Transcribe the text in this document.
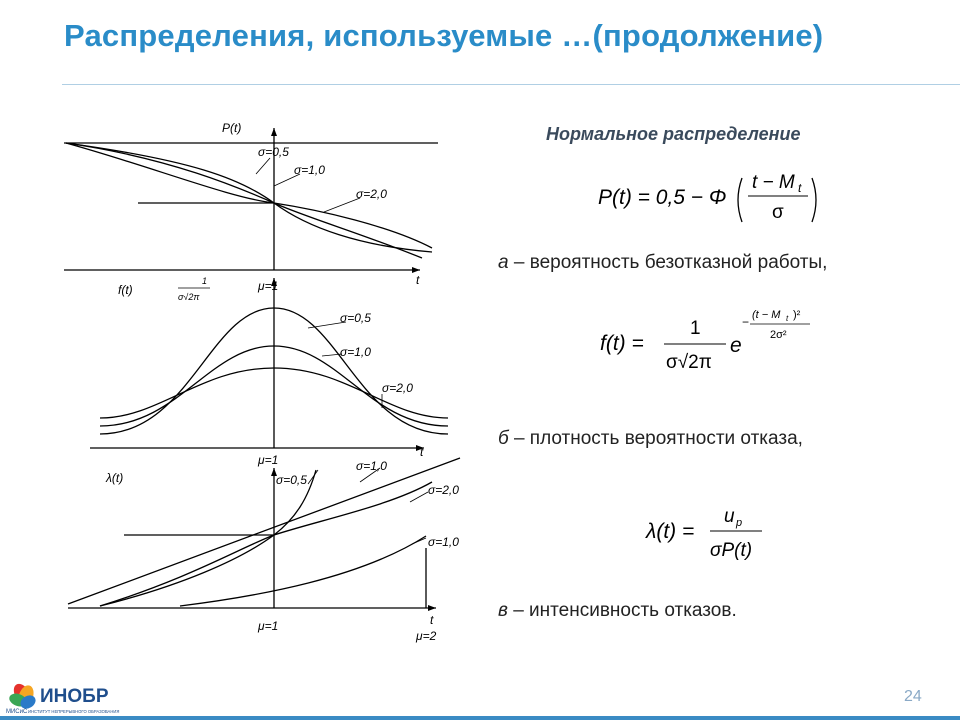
Распределения, используемые …(продолжение)
P(t)
σ=0,5
σ=1,0
σ=2,0
t
μ=1
f(t)
1
σ√2π
σ=0,5
σ=1,0
σ=2,0
t
μ=1
λ(t)	σ=0,5
σ=1,0
σ=2,0
σ=1,0
μ=1	t
μ=2
Нормальное распределение
P(t) = 0,5 − Φ
t − M t
σ
а – вероятность безотказной работы,
f(t) =
1
σ√2π
e
− (t − M t )²
2σ²
б – плотность вероятности отказа,
λ(t) =
u p
σP(t)
в – интенсивность отказов.
ИНОБР
МИСиС ИНСТИТУТ НЕПРЕРЫВНОГО ОБРАЗОВАНИЯ
24
